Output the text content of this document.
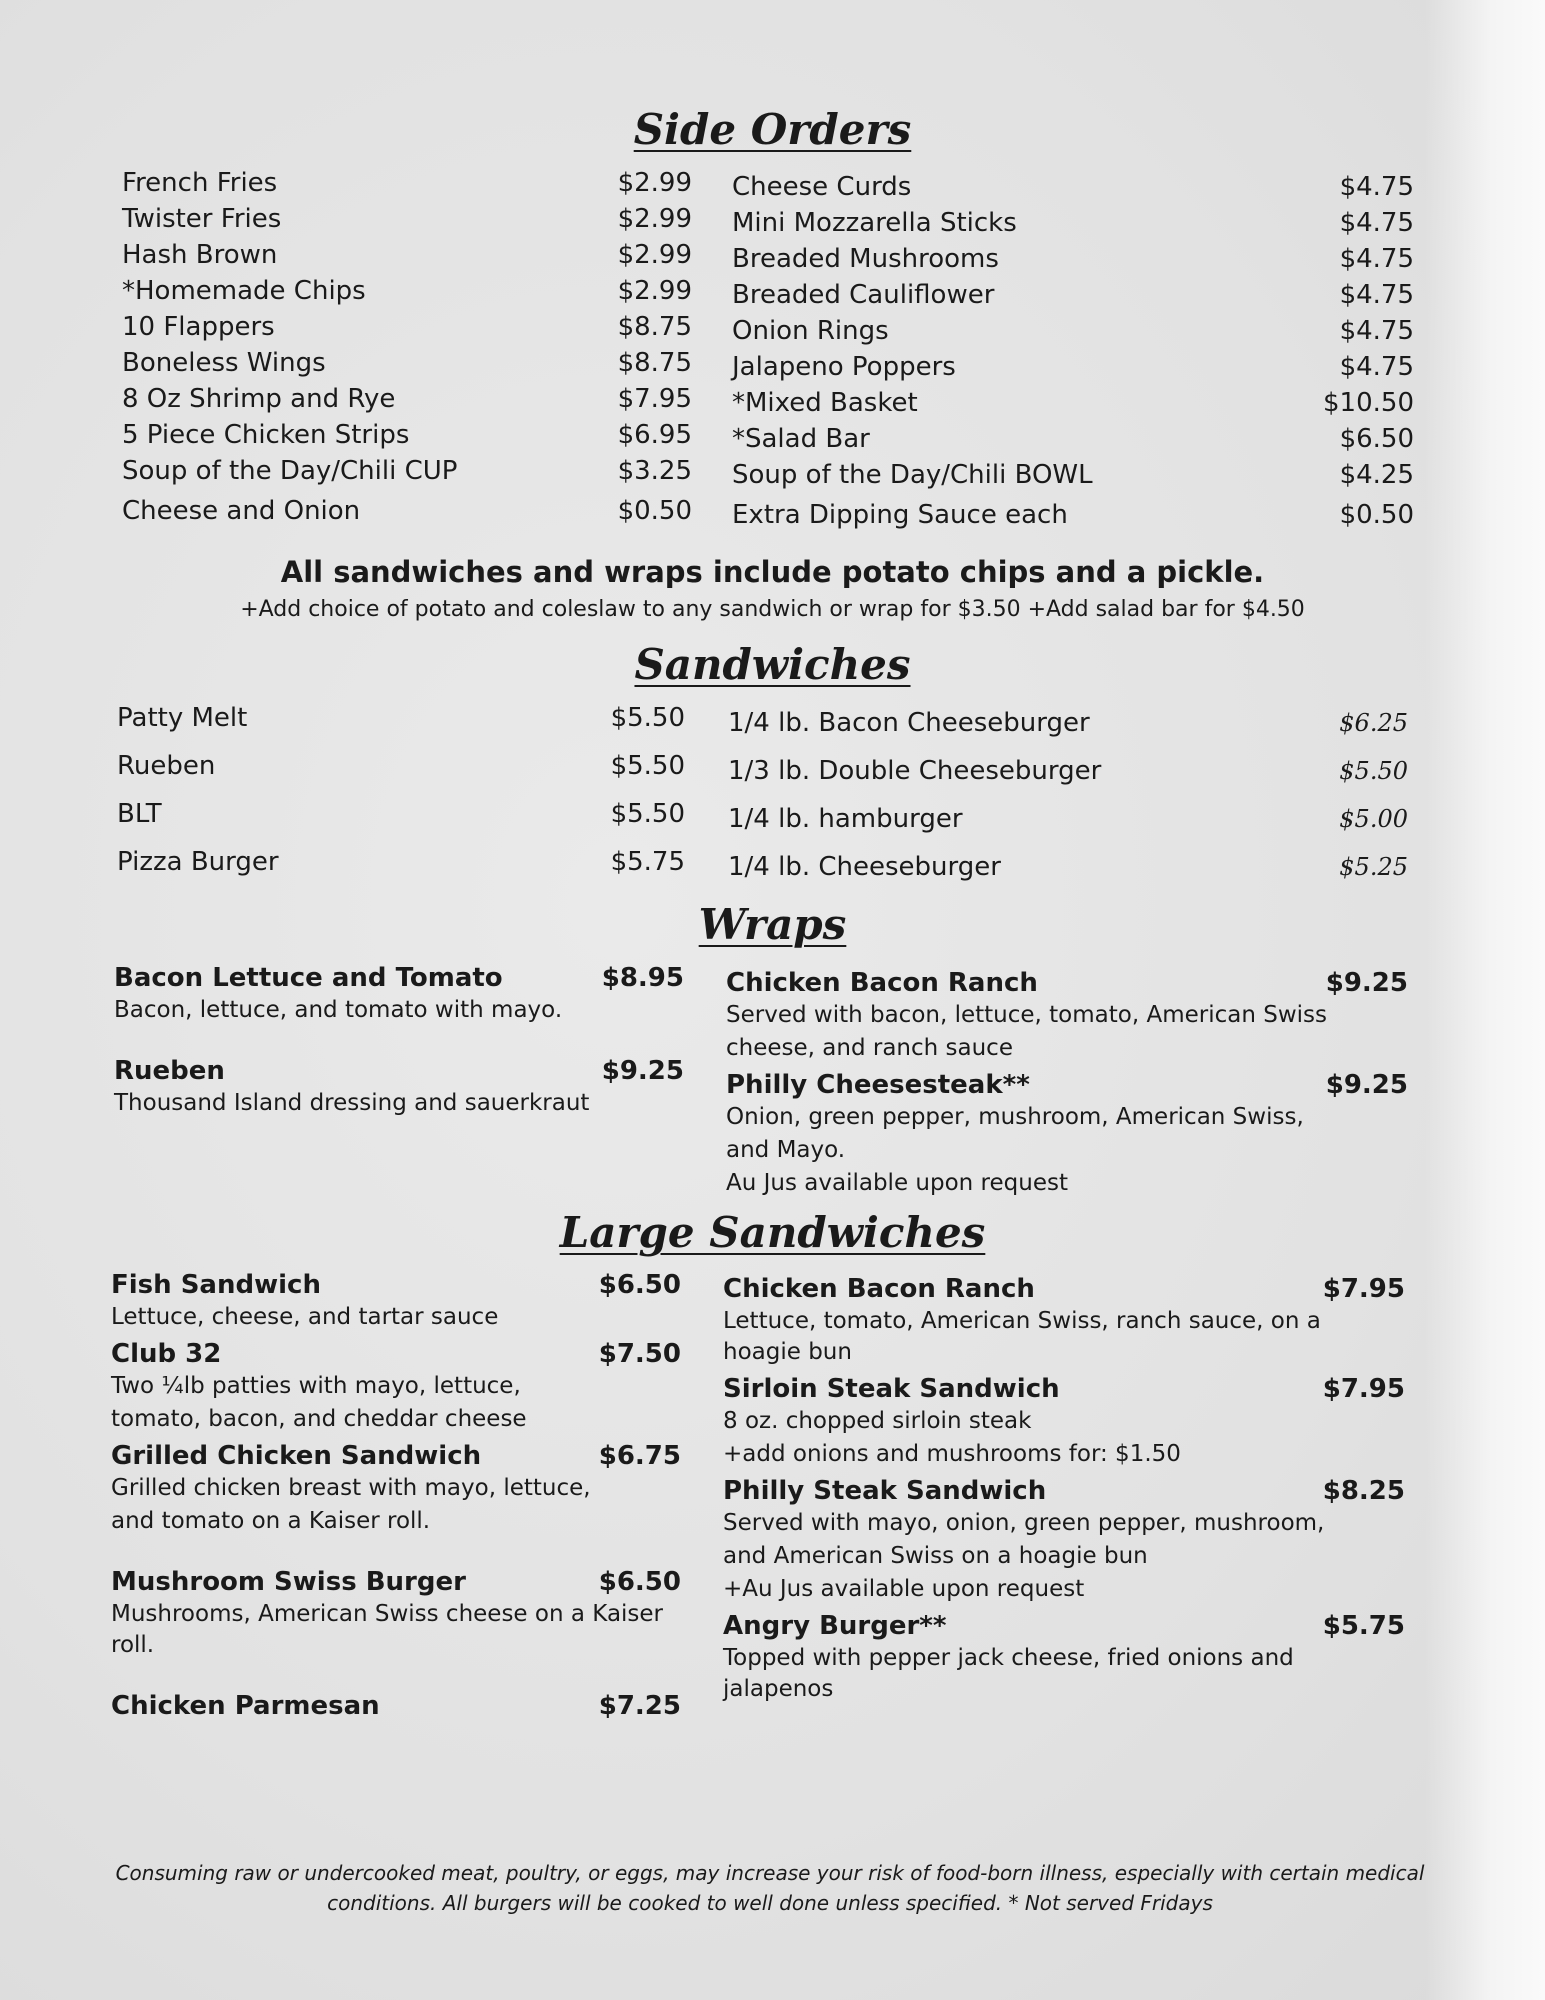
Side Orders
French Fries	$2.99
Twister Fries	$2.99
Hash Brown	$2.99
*Homemade Chips	$2.99
10 Flappers	$8.75
Boneless Wings	$8.75
8 Oz Shrimp and Rye	$7.95
5 Piece Chicken Strips	$6.95
Soup of the Day/Chili CUP	$3.25
Cheese and Onion	$0.50
Cheese Curds	$4.75
Mini Mozzarella Sticks	$4.75
Breaded Mushrooms	$4.75
Breaded Cauliflower	$4.75
Onion Rings	$4.75
Jalapeno Poppers	$4.75
*Mixed Basket	$10.50
*Salad Bar	$6.50
Soup of the Day/Chili BOWL	$4.25
Extra Dipping Sauce each	$0.50

All sandwiches and wraps include potato chips and a pickle.

+Add choice of potato and coleslaw to any sandwich or wrap for $3.50 +Add salad bar for $4.50

Sandwiches
Patty Melt	$5.50
Rueben	$5.50
BLT	$5.50
Pizza Burger	$5.75
1/4 lb. Bacon Cheeseburger	$6.25
1/3 lb. Double Cheeseburger	$5.50
1/4 lb. hamburger	$5.00
1/4 lb. Cheeseburger	$5.25
Wraps
Bacon Lettuce and Tomato	$8.95

Bacon, lettuce, and tomato with mayo.

Rueben	$9.25

Thousand Island dressing and sauerkraut

Chicken Bacon Ranch	$9.25

Served with bacon, lettuce, tomato, American Swiss

cheese, and ranch sauce

Philly Cheesesteak**	$9.25

Onion, green pepper, mushroom, American Swiss,

and Mayo.

Au Jus available upon request

Large Sandwiches
Fish Sandwich	$6.50

Lettuce, cheese, and tartar sauce

Club 32	$7.50

Two ¼lb patties with mayo, lettuce,

tomato, bacon, and cheddar cheese

Grilled Chicken Sandwich	$6.75

Grilled chicken breast with mayo, lettuce,

and tomato on a Kaiser roll.

Mushroom Swiss Burger	$6.50

Mushrooms, American Swiss cheese on a Kaiser roll.

Chicken Parmesan	$7.25
Chicken Bacon Ranch	$7.95

Lettuce, tomato, American Swiss, ranch sauce, on a hoagie bun

Sirloin Steak Sandwich	$7.95

8 oz. chopped sirloin steak

+add onions and mushrooms for: $1.50

Philly Steak Sandwich	$8.25

Served with mayo, onion, green pepper, mushroom,

and American Swiss on a hoagie bun

+Au Jus available upon request

Angry Burger**	$5.75

Topped with pepper jack cheese, fried onions and jalapenos

Consuming raw or undercooked meat, poultry, or eggs, may increase your risk of food-born illness, especially with certain medical
conditions. All burgers will be cooked to well done unless specified. * Not served Fridays
